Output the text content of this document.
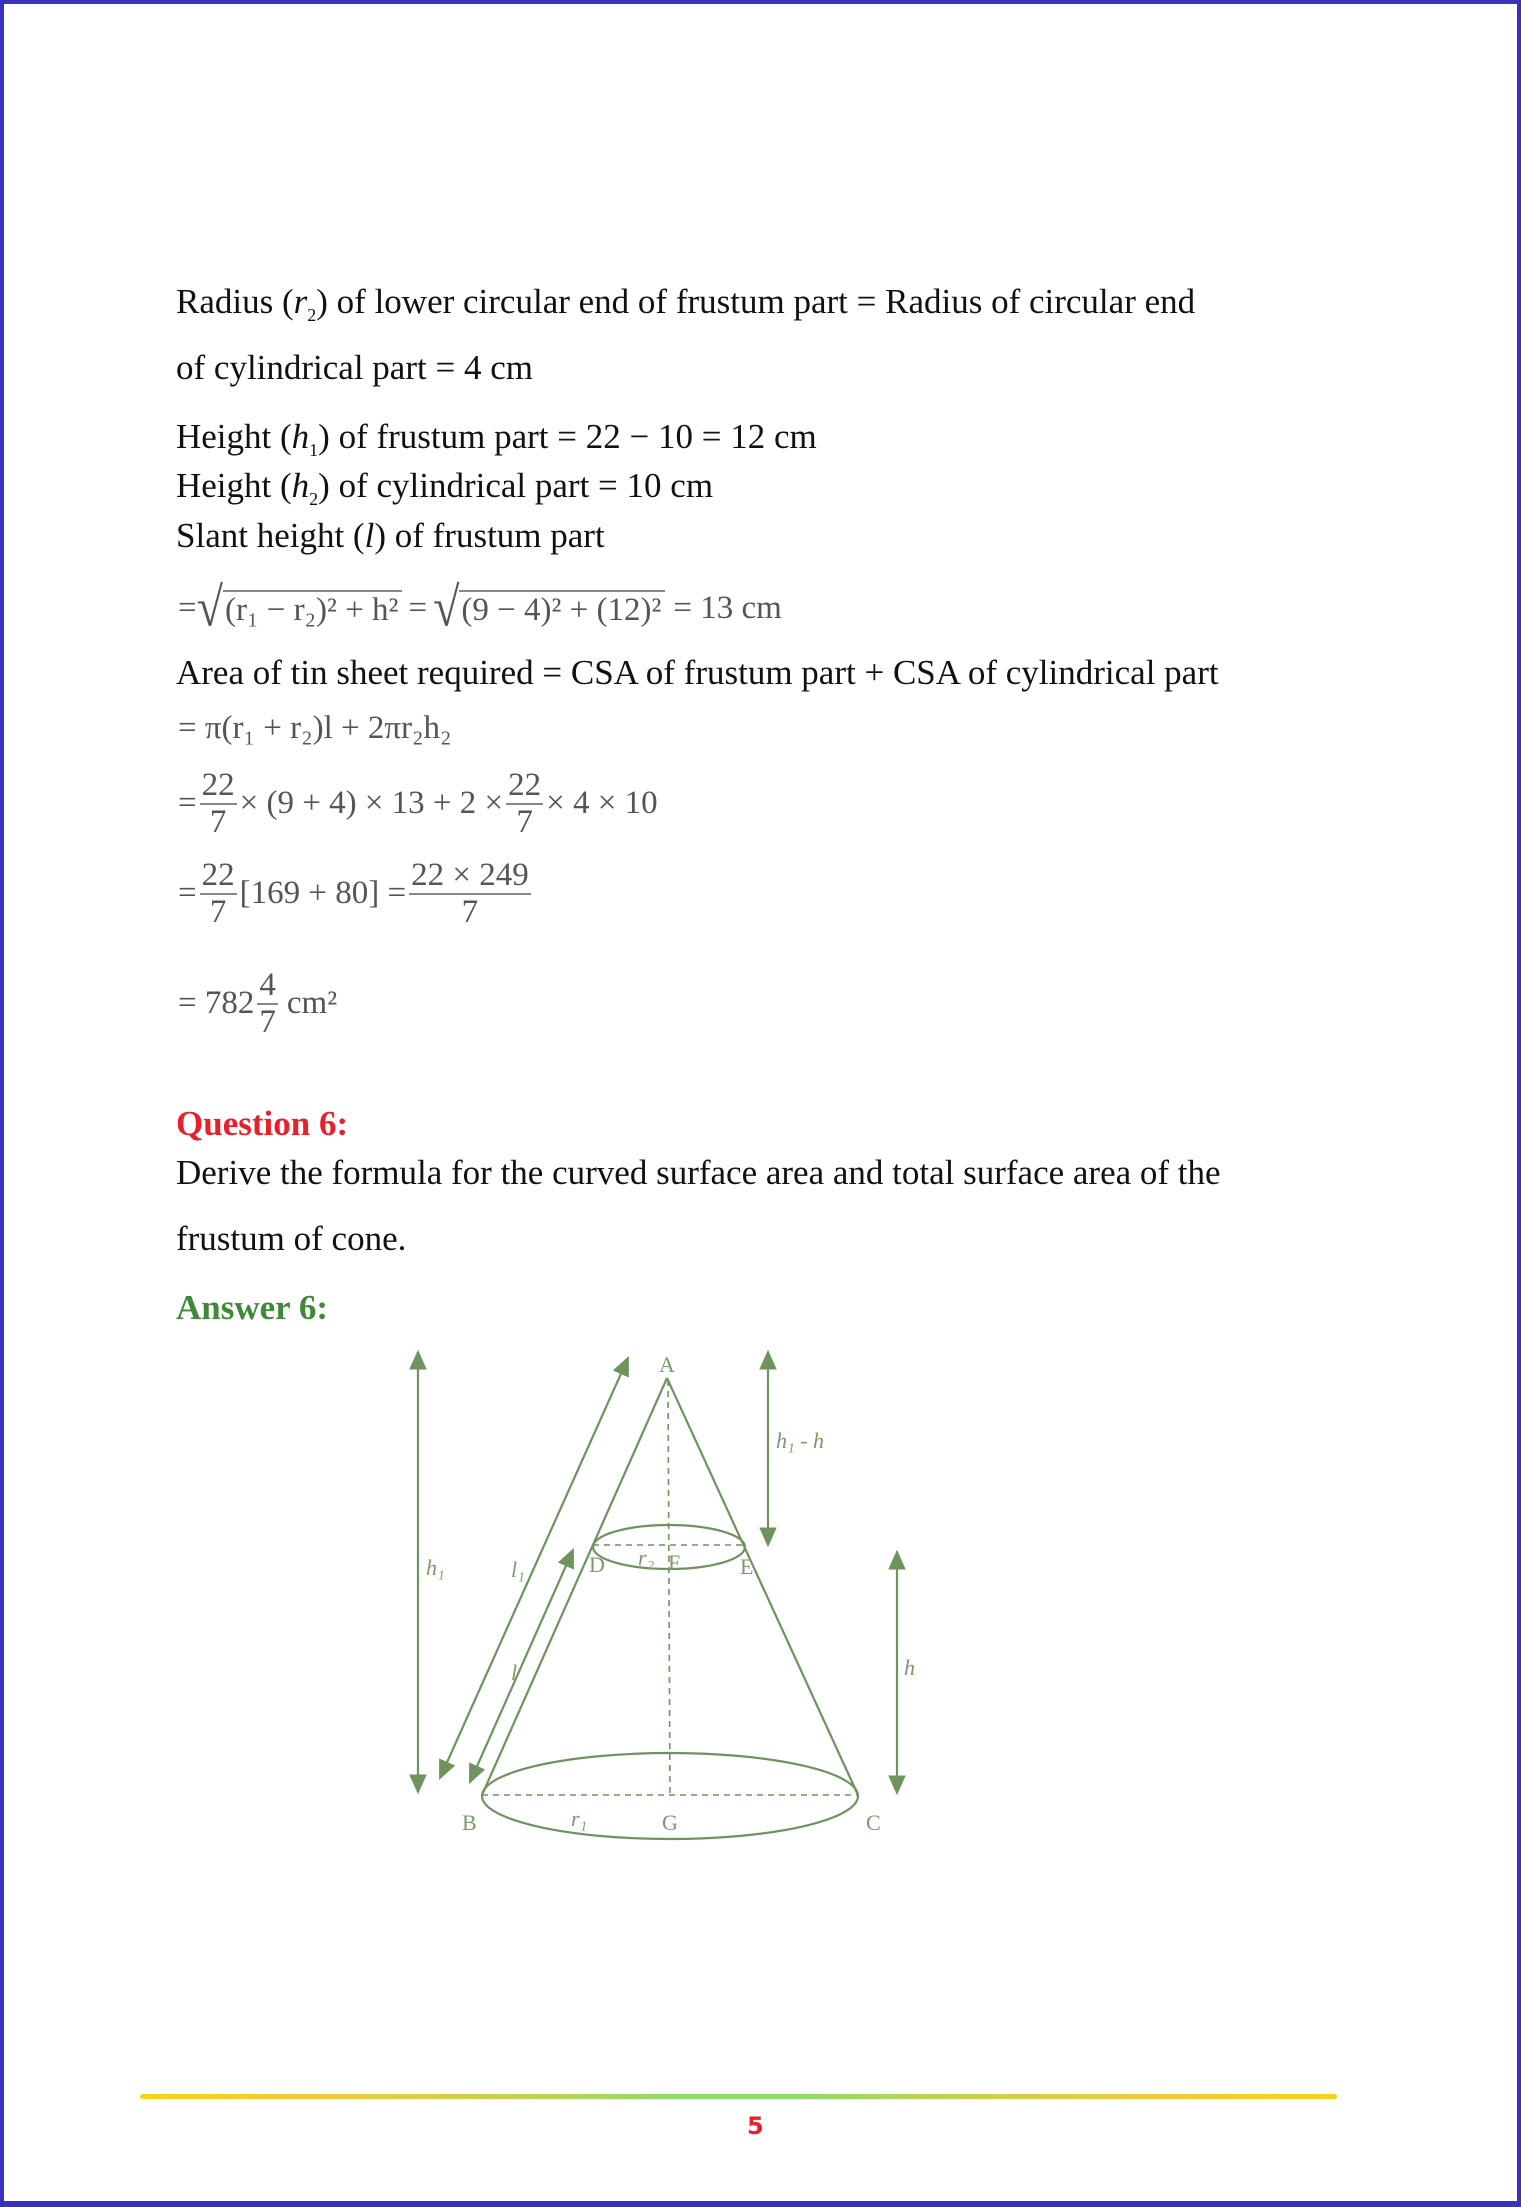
Radius $(r_2)$ of lower circular end of frustum part = Radius of circular end
of cylindrical part = 4 cm
Height $(h_1)$ of frustum part = 22 − 10 = 12 cm
Height $(h_2)$ of cylindrical part = 10 cm
Slant height (l) of frustum part
= √ (r₁ − r₂)² + h² = √ (9 − 4)² + (12)² = 13 cm
Area of tin sheet required = CSA of frustum part + CSA of cylindrical part
= π(r₁ + r₂)l + 2πr₂h₂
= $\frac{22}{7} \times (9 + 4) \times 13 + 2 \times \frac{22}{7} \times 4 \times 10$
= $\frac{22}{7} [169 + 80] = \frac{22 \times 249}{7}$
= $782 \frac{4}{7} cm^2$
Question 6:
Derive the formula for the curved surface area and total surface area of the
frustum of cone.
Answer 6:
A
B	C
D	E
F
G
h₁	l₁
l
r₂
r₁
h₁ - h
h
5
